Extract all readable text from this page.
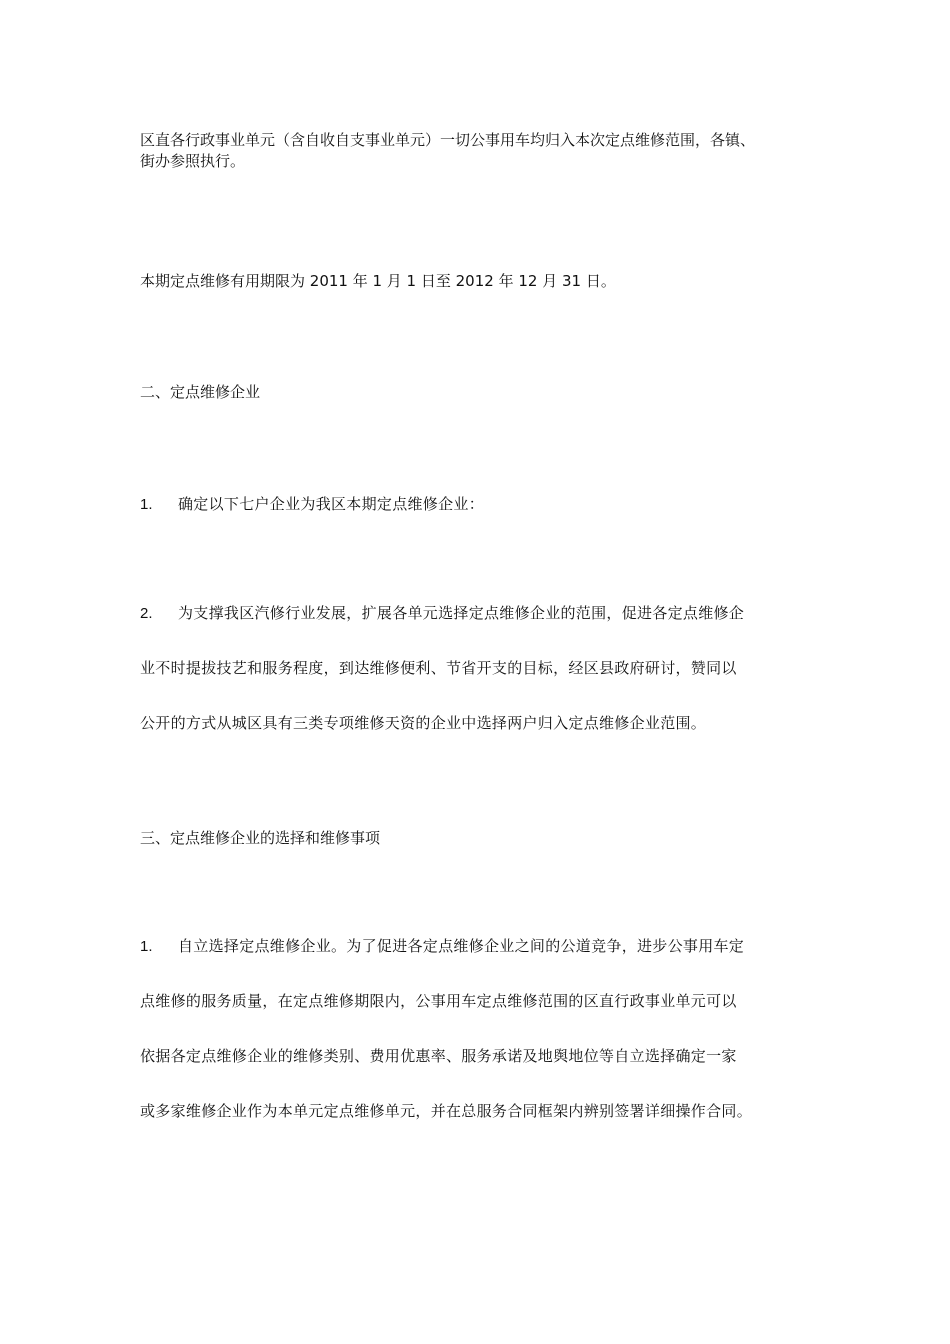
区直各行政事业单元（含自收自支事业单元）一切公事用车均归入本次定点维修范围，各镇、
街办参照执行。

本期定点维修有用期限为 2011 年 1 月 1 日至 2012 年 12 月 31 日。

二、定点维修企业

1. 确定以下七户企业为我区本期定点维修企业：
2. 为支撑我区汽修行业发展，扩展各单元选择定点维修企业的范围，促进各定点维修企
业不时提拔技艺和服务程度，到达维修便利、节省开支的目标，经区县政府研讨，赞同以
公开的方式从城区具有三类专项维修天资的企业中选择两户归入定点维修企业范围。

三、定点维修企业的选择和维修事项

1. 自立选择定点维修企业。为了促进各定点维修企业之间的公道竞争，进步公事用车定
点维修的服务质量，在定点维修期限内，公事用车定点维修范围的区直行政事业单元可以
依据各定点维修企业的维修类别、费用优惠率、服务承诺及地舆地位等自立选择确定一家
或多家维修企业作为本单元定点维修单元，并在总服务合同框架内辨别签署详细操作合同。
